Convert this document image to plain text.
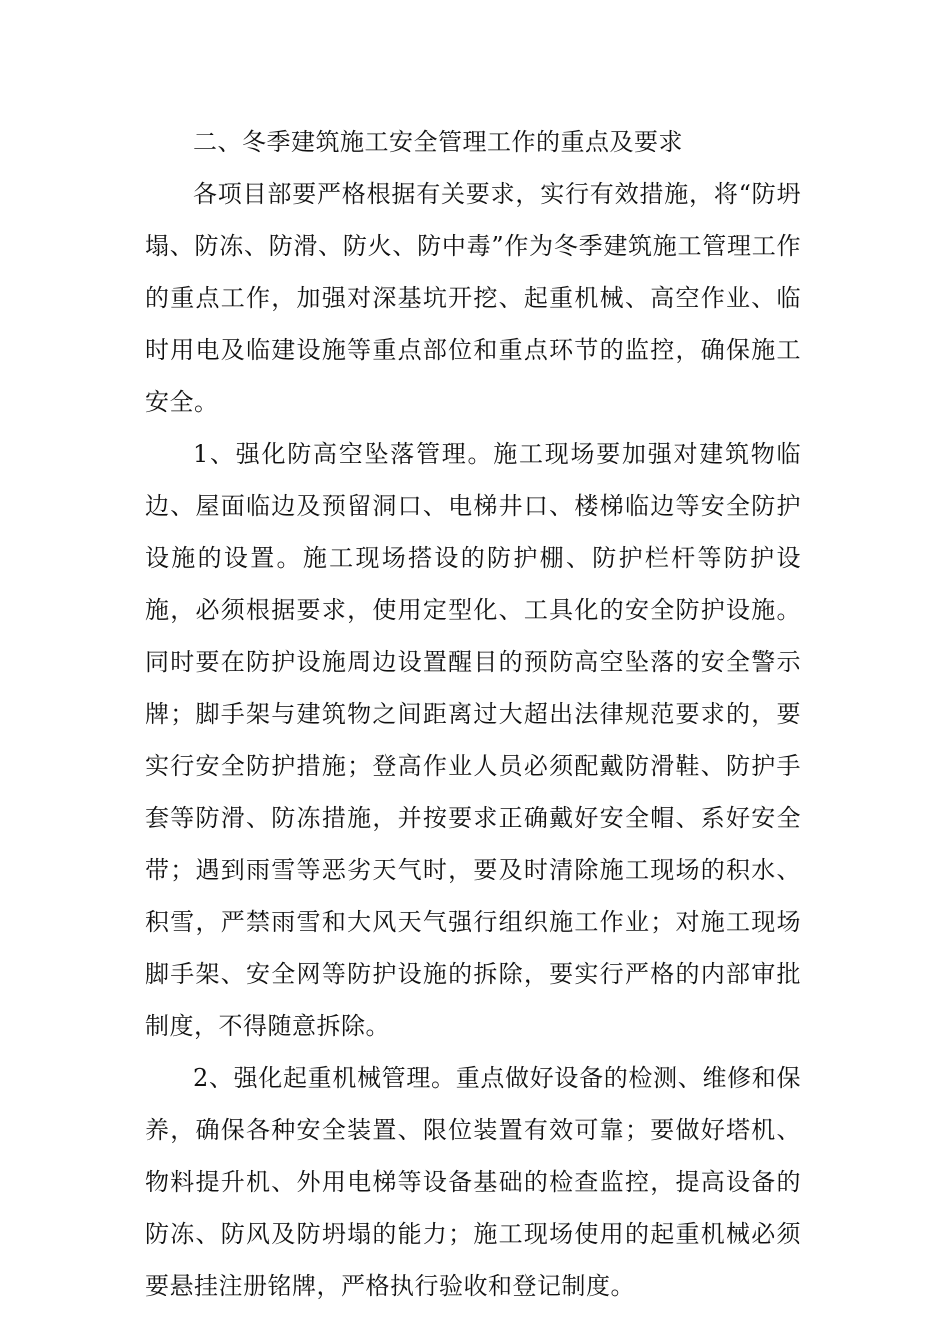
二、冬季建筑施工安全管理工作的重点及要求

各项目部要严格根据有关要求，实行有效措施，将“防坍塌、防冻、防滑、防火、防中毒”作为冬季建筑施工管理工作的重点工作，加强对深基坑开挖、起重机械、高空作业、临时用电及临建设施等重点部位和重点环节的监控，确保施工安全。

1、强化防高空坠落管理。施工现场要加强对建筑物临边、屋面临边及预留洞口、电梯井口、楼梯临边等安全防护设施的设置。施工现场搭设的防护棚、防护栏杆等防护设施，必须根据要求，使用定型化、工具化的安全防护设施。同时要在防护设施周边设置醒目的预防高空坠落的安全警示牌；脚手架与建筑物之间距离过大超出法律规范要求的，要实行安全防护措施；登高作业人员必须配戴防滑鞋、防护手套等防滑、防冻措施，并按要求正确戴好安全帽、系好安全带；遇到雨雪等恶劣天气时，要及时清除施工现场的积水、积雪，严禁雨雪和大风天气强行组织施工作业；对施工现场脚手架、安全网等防护设施的拆除，要实行严格的内部审批制度，不得随意拆除。

2、强化起重机械管理。重点做好设备的检测、维修和保养，确保各种安全装置、限位装置有效可靠；要做好塔机、物料提升机、外用电梯等设备基础的检查监控，提高设备的防冻、防风及防坍塌的能力；施工现场使用的起重机械必须要悬挂注册铭牌，严格执行验收和登记制度。
